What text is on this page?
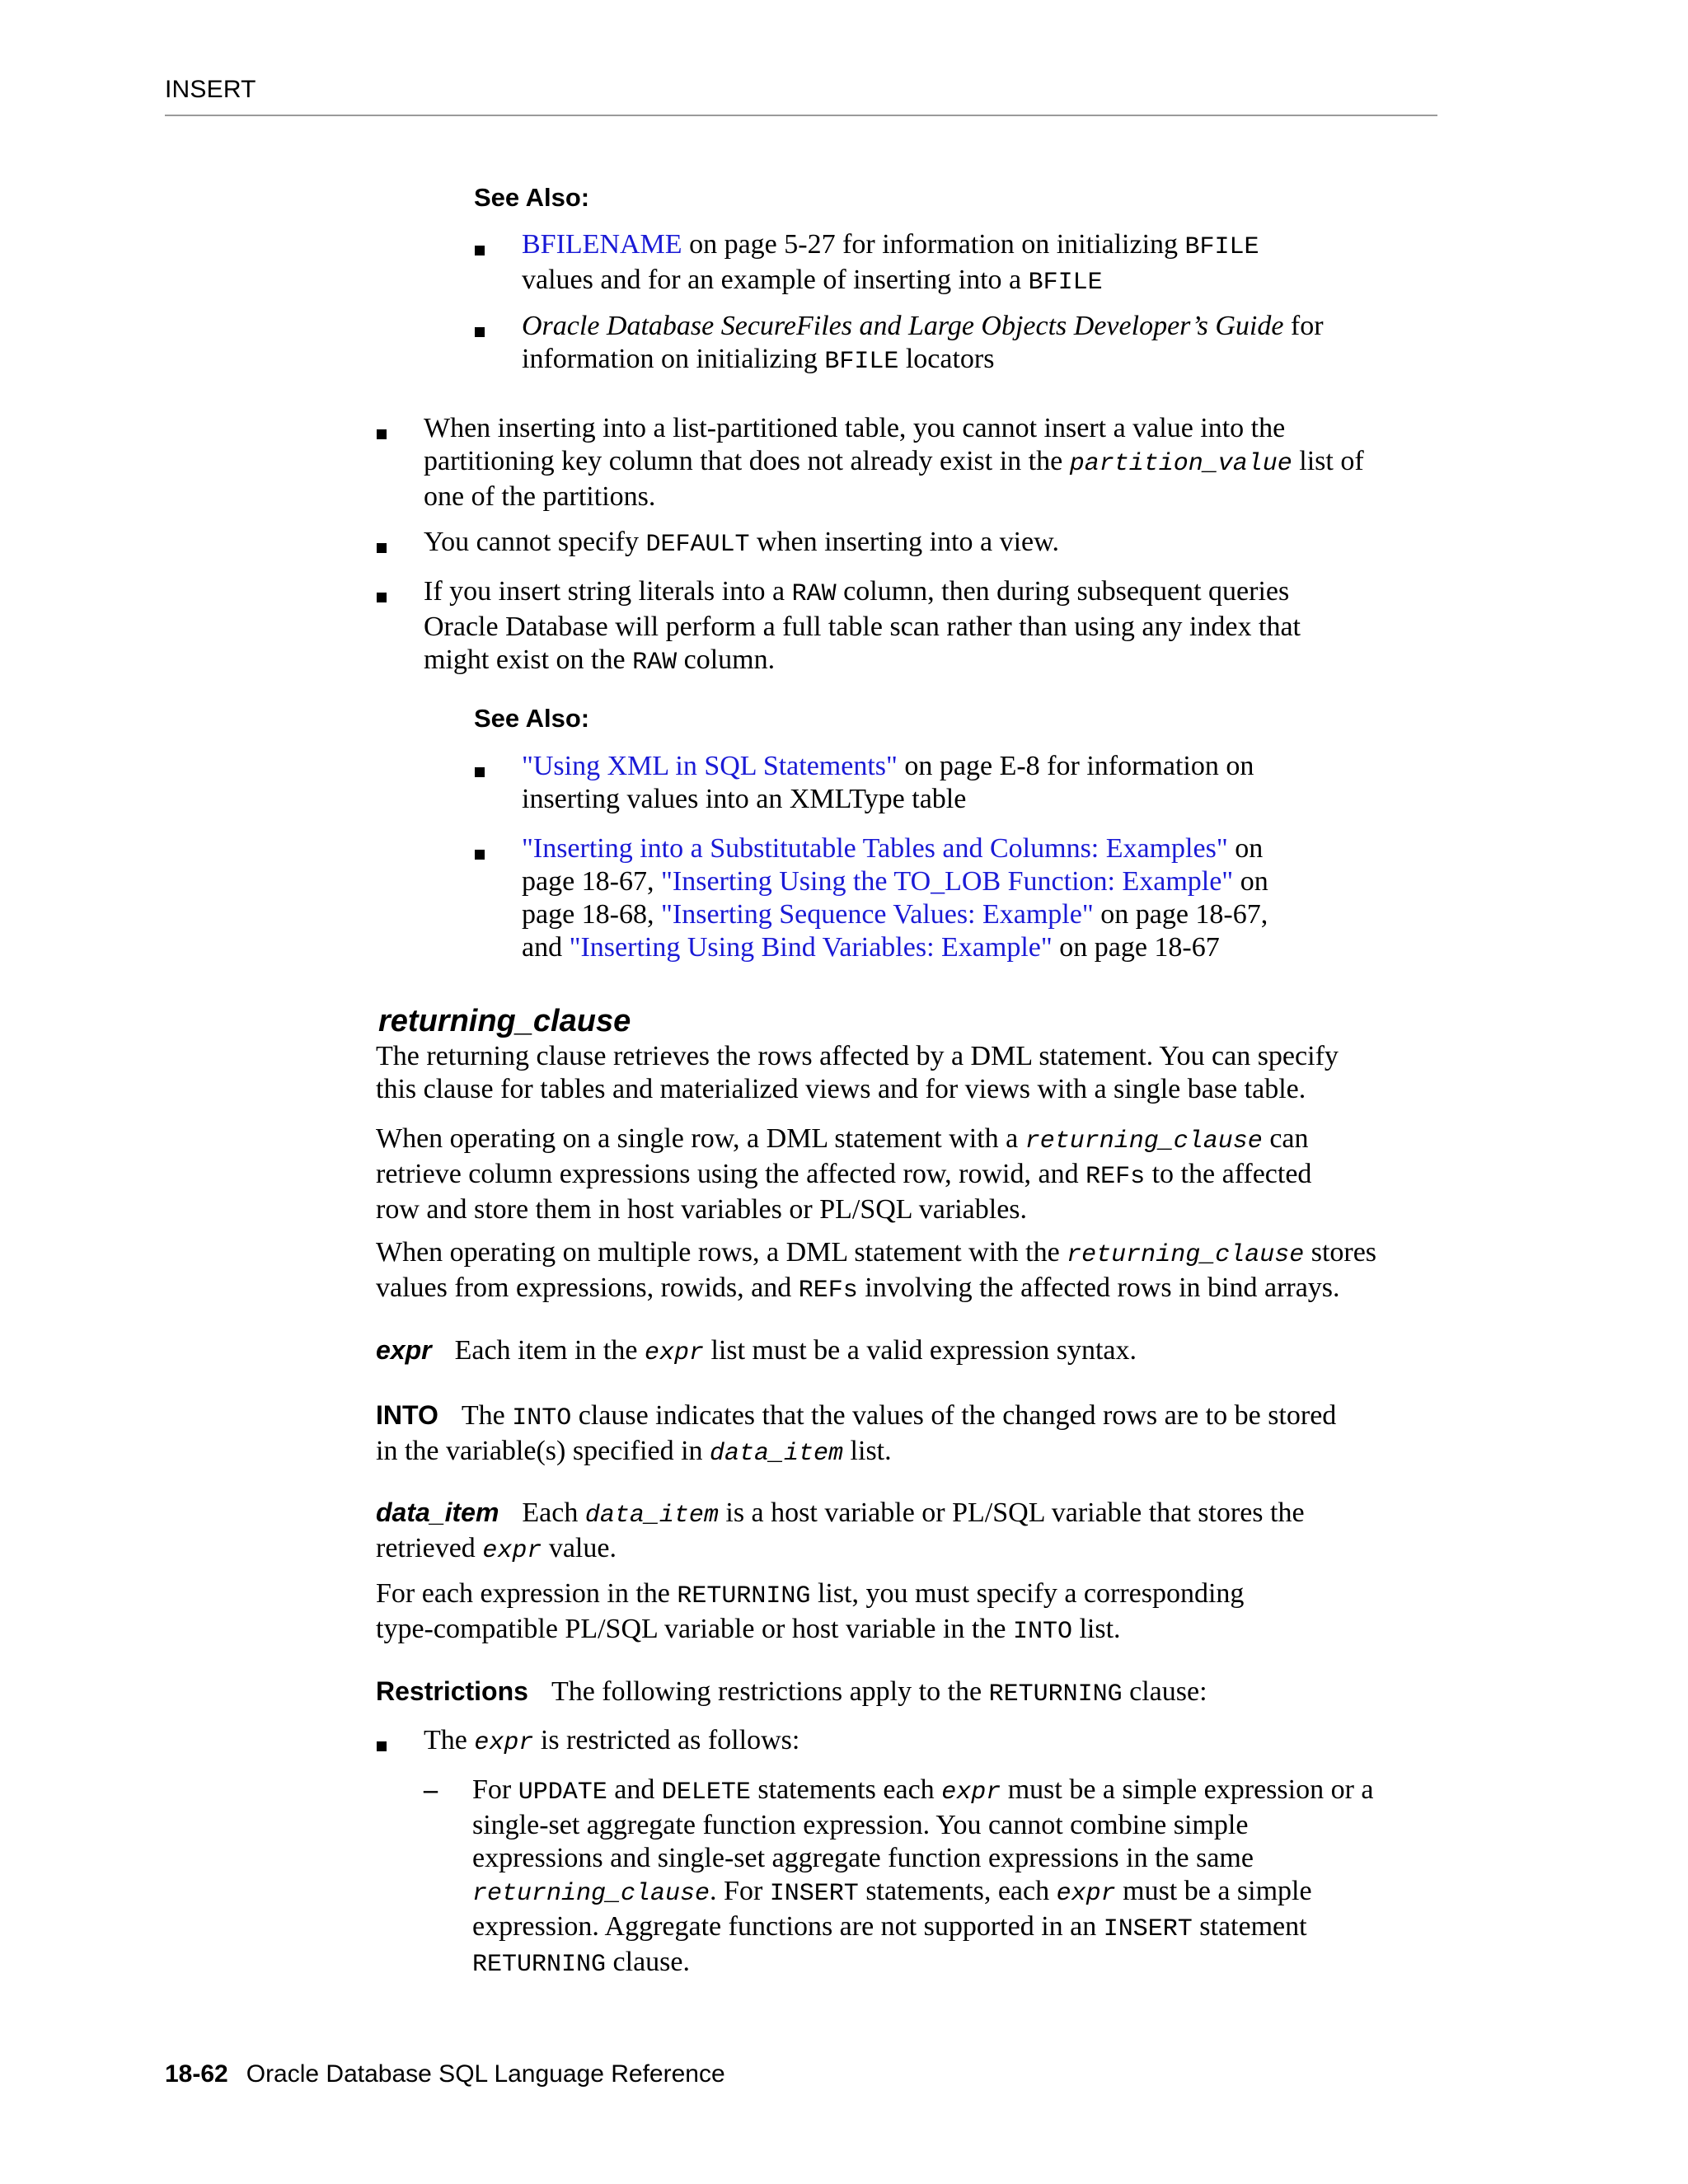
INSERT
See Also:
BFILENAME on page 5-27 for information on initializing BFILE
values and for an example of inserting into a BFILE
Oracle Database SecureFiles and Large Objects Developer’s Guide for
information on initializing BFILE locators
When inserting into a list-partitioned table, you cannot insert a value into the
partitioning key column that does not already exist in the partition_value list of
one of the partitions.
You cannot specify DEFAULT when inserting into a view.
If you insert string literals into a RAW column, then during subsequent queries
Oracle Database will perform a full table scan rather than using any index that
might exist on the RAW column.
See Also:
"Using XML in SQL Statements" on page E-8 for information on
inserting values into an XMLType table
"Inserting into a Substitutable Tables and Columns: Examples" on
page 18-67, "Inserting Using the TO_LOB Function: Example" on
page 18-68, "Inserting Sequence Values: Example" on page 18-67,
and "Inserting Using Bind Variables: Example" on page 18-67
returning_clause
The returning clause retrieves the rows affected by a DML statement. You can specify
this clause for tables and materialized views and for views with a single base table.
When operating on a single row, a DML statement with a returning_clause can
retrieve column expressions using the affected row, rowid, and REFs to the affected
row and store them in host variables or PL/SQL variables.
When operating on multiple rows, a DML statement with the returning_clause stores
values from expressions, rowids, and REFs involving the affected rows in bind arrays.
expr Each item in the expr list must be a valid expression syntax.
INTO The INTO clause indicates that the values of the changed rows are to be stored
in the variable(s) specified in data_item list.
data_item Each data_item is a host variable or PL/SQL variable that stores the
retrieved expr value.
For each expression in the RETURNING list, you must specify a corresponding
type-compatible PL/SQL variable or host variable in the INTO list.
Restrictions The following restrictions apply to the RETURNING clause:
The expr is restricted as follows:
– For UPDATE and DELETE statements each expr must be a simple expression or a
single-set aggregate function expression. You cannot combine simple
expressions and single-set aggregate function expressions in the same
returning_clause. For INSERT statements, each expr must be a simple
expression. Aggregate functions are not supported in an INSERT statement
RETURNING clause.
18-62 Oracle Database SQL Language Reference
